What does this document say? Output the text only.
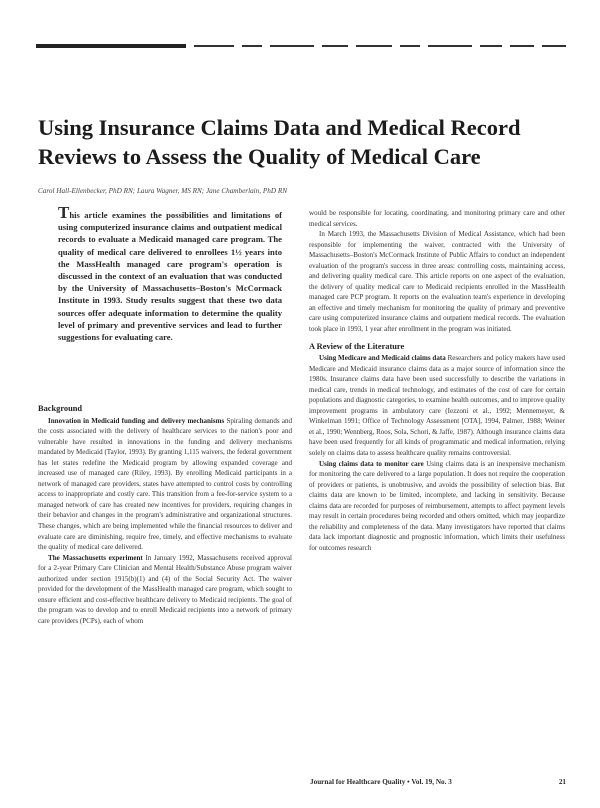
Using Insurance Claims Data and Medical Record Reviews to Assess the Quality of Medical Care
Carol Hall-Ellenbecker, PhD RN; Laura Wagner, MS RN; Jane Chamberlain, PhD RN

This article examines the possibilities and limitations of using computerized insurance claims and outpatient medical records to evaluate a Medicaid managed care program. The quality of medical care delivered to enrollees 1½ years into the MassHealth managed care program's operation is discussed in the context of an evaluation that was conducted by the University of Massachusetts–Boston's McCormack Institute in 1993. Study results suggest that these two data sources offer adequate information to determine the quality level of primary and preventive services and lead to further suggestions for evaluating care.

Background

Innovation in Medicaid funding and delivery mechanisms Spiraling demands and the costs associated with the delivery of healthcare services to the nation's poor and vulnerable have resulted in innovations in the funding and delivery mechanisms mandated by Medicaid (Taylor, 1993). By granting 1,115 waivers, the federal government has let states redefine the Medicaid program by allowing expanded coverage and increased use of managed care (Riley, 1993). By enrolling Medicaid participants in a network of managed care providers, states have attempted to control costs by controlling access to inappropriate and costly care. This transition from a fee-for-service system to a managed network of care has created new incentives for providers, requiring changes in their behavior and changes in the program's administrative and organizational structures. These changes, which are being implemented while the financial resources to deliver and evaluate care are diminishing, require free, timely, and effective mechanisms to evaluate the quality of medical care delivered.

The Massachusetts experiment In January 1992, Massachusetts received approval for a 2-year Primary Care Clinician and Mental Health/Substance Abuse program waiver authorized under section 1915(b)(1) and (4) of the Social Security Act. The waiver provided for the development of the MassHealth managed care program, which sought to ensure efficient and cost-effective healthcare delivery to Medicaid recipients. The goal of the program was to develop and to enroll Medicaid recipients into a network of primary care providers (PCPs), each of whom

would be responsible for locating, coordinating, and monitoring primary care and other medical services.

In March 1993, the Massachusetts Division of Medical Assistance, which had been responsible for implementing the waiver, contracted with the University of Massachusetts–Boston's McCormack Institute of Public Affairs to conduct an independent evaluation of the program's success in three areas: controlling costs, maintaining access, and delivering quality medical care. This article reports on one aspect of the evaluation, the delivery of quality medical care to Medicaid recipients enrolled in the MassHealth managed care PCP program. It reports on the evaluation team's experience in developing an effective and timely mechanism for monitoring the quality of primary and preventive care using computerized insurance claims and outpatient medical records. The evaluation took place in 1993, 1 year after enrollment in the program was initiated.

A Review of the Literature

Using Medicare and Medicaid claims data Researchers and policy makers have used Medicare and Medicaid insurance claims data as a major source of information since the 1980s. Insurance claims data have been used successfully to describe the variations in medical care, trends in medical technology, and estimates of the cost of care for certain populations and diagnostic categories, to examine health outcomes, and to improve quality improvement programs in ambulatory care (Iezzoni et al., 1992; Mennemeyer, & Winkelman 1991; Office of Technology Assessment [OTA], 1994, Palmer, 1988; Weiner et al., 1990; Wennberg, Roos, Sola, Schori, & Jaffe, 1987). Although insurance claims data have been used frequently for all kinds of programmatic and medical information, relying solely on claims data to assess healthcare quality remains controversial.

Using claims data to monitor care Using claims data is an inexpensive mechanism for monitoring the care delivered to a large population. It does not require the cooperation of providers or patients, is unobtrusive, and avoids the possibility of selection bias. But claims data are known to be limited, incomplete, and lacking in sensitivity. Because claims data are recorded for purposes of reimbursement, attempts to affect payment levels may result in certain procedures being recorded and others omitted, which may jeopardize the reliability and completeness of the data. Many investigators have reported that claims data lack important diagnostic and prognostic information, which limits their usefulness for outcomes research

Journal for Healthcare Quality • Vol. 19, No. 3	21
